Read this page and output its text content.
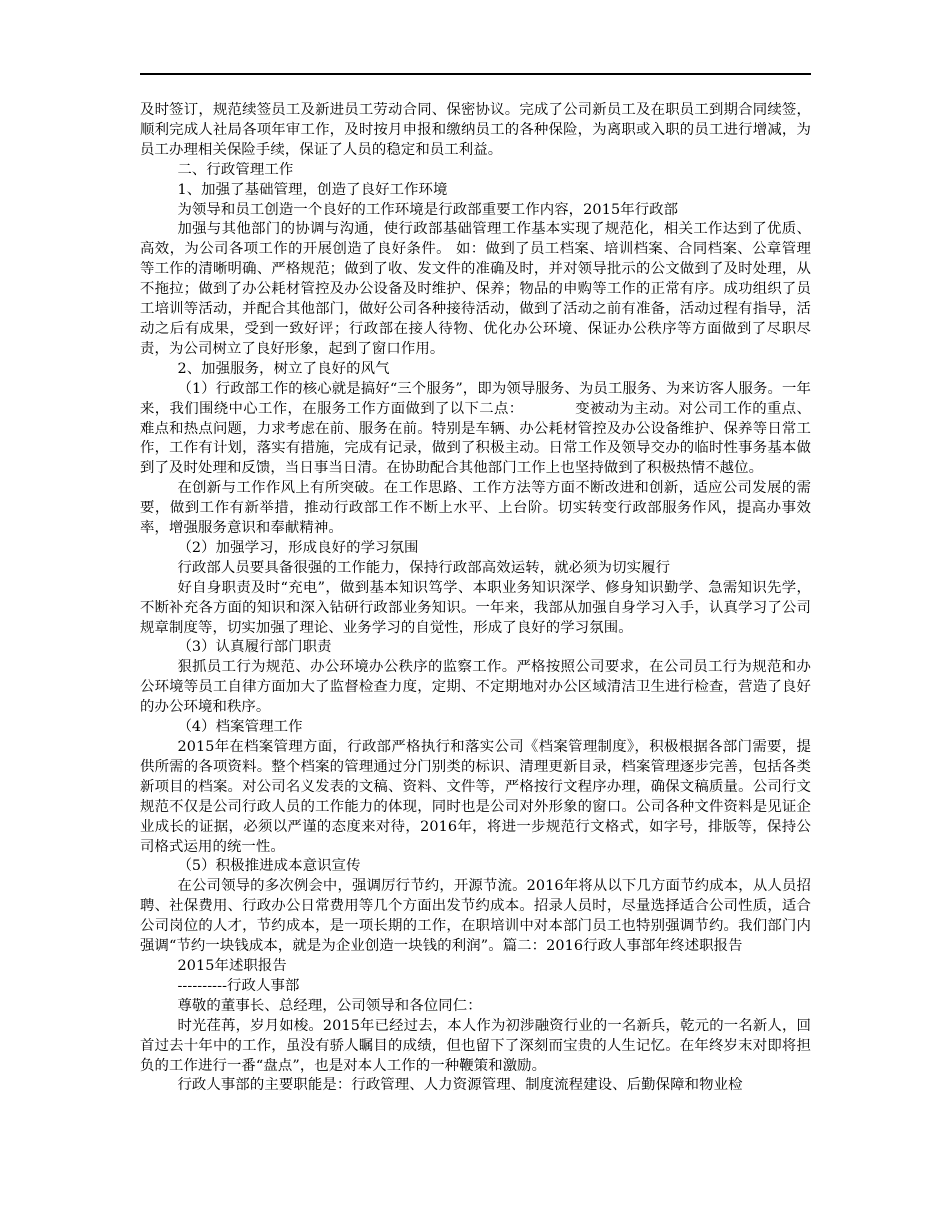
及时签订，规范续签员工及新进员工劳动合同、保密协议。完成了公司新员工及在职员工到期合同续签，顺利完成人社局各项年审工作，及时按月申报和缴纳员工的各种保险，为离职或入职的员工进行增减，为员工办理相关保险手续，保证了人员的稳定和员工利益。

二、行政管理工作

1、加强了基础管理，创造了良好工作环境

为领导和员工创造一个良好的工作环境是行政部重要工作内容，2015年行政部

加强与其他部门的协调与沟通，使行政部基础管理工作基本实现了规范化，相关工作达到了优质、高效，为公司各项工作的开展创造了良好条件。 如：做到了员工档案、培训档案、合同档案、公章管理等工作的清晰明确、严格规范；做到了收、发文件的准确及时，并对领导批示的公文做到了及时处理，从不拖拉；做到了办公耗材管控及办公设备及时维护、保养；物品的申购等工作的正常有序。成功组织了员工培训等活动，并配合其他部门，做好公司各种接待活动，做到了活动之前有准备，活动过程有指导，活动之后有成果，受到一致好评；行政部在接人待物、优化办公环境、保证办公秩序等方面做到了尽职尽责，为公司树立了良好形象，起到了窗口作用。

2、加强服务，树立了良好的风气

（1）行政部工作的核心就是搞好“三个服务”，即为领导服务、为员工服务、为来访客人服务。一年来，我们围绕中心工作，在服务工作方面做到了以下二点：　　　　变被动为主动。对公司工作的重点、难点和热点问题，力求考虑在前、服务在前。特别是车辆、办公耗材管控及办公设备维护、保养等日常工作，工作有计划，落实有措施，完成有记录，做到了积极主动。日常工作及领导交办的临时性事务基本做到了及时处理和反馈，当日事当日清。在协助配合其他部门工作上也坚持做到了积极热情不越位。

在创新与工作作风上有所突破。在工作思路、工作方法等方面不断改进和创新，适应公司发展的需要，做到工作有新举措，推动行政部工作不断上水平、上台阶。切实转变行政部服务作风，提高办事效率，增强服务意识和奉献精神。

（2）加强学习，形成良好的学习氛围

行政部人员要具备很强的工作能力，保持行政部高效运转，就必须为切实履行

好自身职责及时“充电”，做到基本知识笃学、本职业务知识深学、修身知识勤学、急需知识先学，不断补充各方面的知识和深入钻研行政部业务知识。一年来，我部从加强自身学习入手，认真学习了公司规章制度等，切实加强了理论、业务学习的自觉性，形成了良好的学习氛围。

（3）认真履行部门职责

狠抓员工行为规范、办公环境办公秩序的监察工作。严格按照公司要求，在公司员工行为规范和办公环境等员工自律方面加大了监督检查力度，定期、不定期地对办公区域清洁卫生进行检查，营造了良好的办公环境和秩序。

（4）档案管理工作

2015年在档案管理方面，行政部严格执行和落实公司《档案管理制度》，积极根据各部门需要，提供所需的各项资料。整个档案的管理通过分门别类的标识、清理更新目录，档案管理逐步完善，包括各类新项目的档案。对公司名义发表的文稿、资料、文件等，严格按行文程序办理，确保文稿质量。公司行文规范不仅是公司行政人员的工作能力的体现，同时也是公司对外形象的窗口。公司各种文件资料是见证企业成长的证据，必须以严谨的态度来对待，2016年，将进一步规范行文格式，如字号，排版等，保持公司格式运用的统一性。

（5）积极推进成本意识宣传

在公司领导的多次例会中，强调厉行节约，开源节流。2016年将从以下几方面节约成本，从人员招聘、社保费用、行政办公日常费用等几个方面出发节约成本。招录人员时，尽量选择适合公司性质，适合公司岗位的人才，节约成本，是一项长期的工作，在职培训中对本部门员工也特别强调节约。我们部门内强调“节约一块钱成本，就是为企业创造一块钱的利润”。篇二：2016行政人事部年终述职报告

2015年述职报告

----------行政人事部

尊敬的董事长、总经理，公司领导和各位同仁：

时光荏苒，岁月如梭。2015年已经过去，本人作为初涉融资行业的一名新兵，乾元的一名新人，回首过去十年中的工作，虽没有骄人瞩目的成绩，但也留下了深刻而宝贵的人生记忆。在年终岁末对即将担负的工作进行一番“盘点”，也是对本人工作的一种鞭策和激励。

行政人事部的主要职能是：行政管理、人力资源管理、制度流程建设、后勤保障和物业检
